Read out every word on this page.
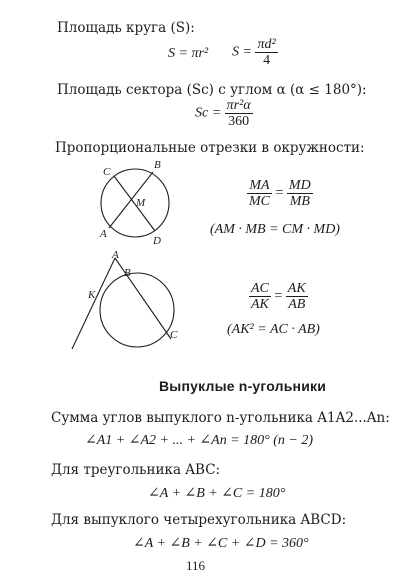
Площадь круга (S):
S = πr² $S = \frac{\text{πd²}}{4}$
Площадь сектора (Sс) с углом α (α ≤ 180°):
Sс = $\frac{\text{πr²α}}{360}$
Пропорциональные отрезки в окружности:
C
B
M
A
D
$\frac{MA}{MC} = \frac{MD}{MB}$
(AM · MB = CM · MD)
A
B
K
C
$\frac{AC}{AK} = \frac{AK}{AB}$
(AK² = AC · AB)
Выпуклые n-угольники
Сумма углов выпуклого n-угольника A1A2...An:
∠A1 + ∠A2 + ... + ∠An = 180° (n − 2)
Для треугольника ABC:
∠A + ∠B + ∠C = 180°
Для выпуклого четырехугольника ABCD:
∠A + ∠B + ∠C + ∠D = 360°
116
